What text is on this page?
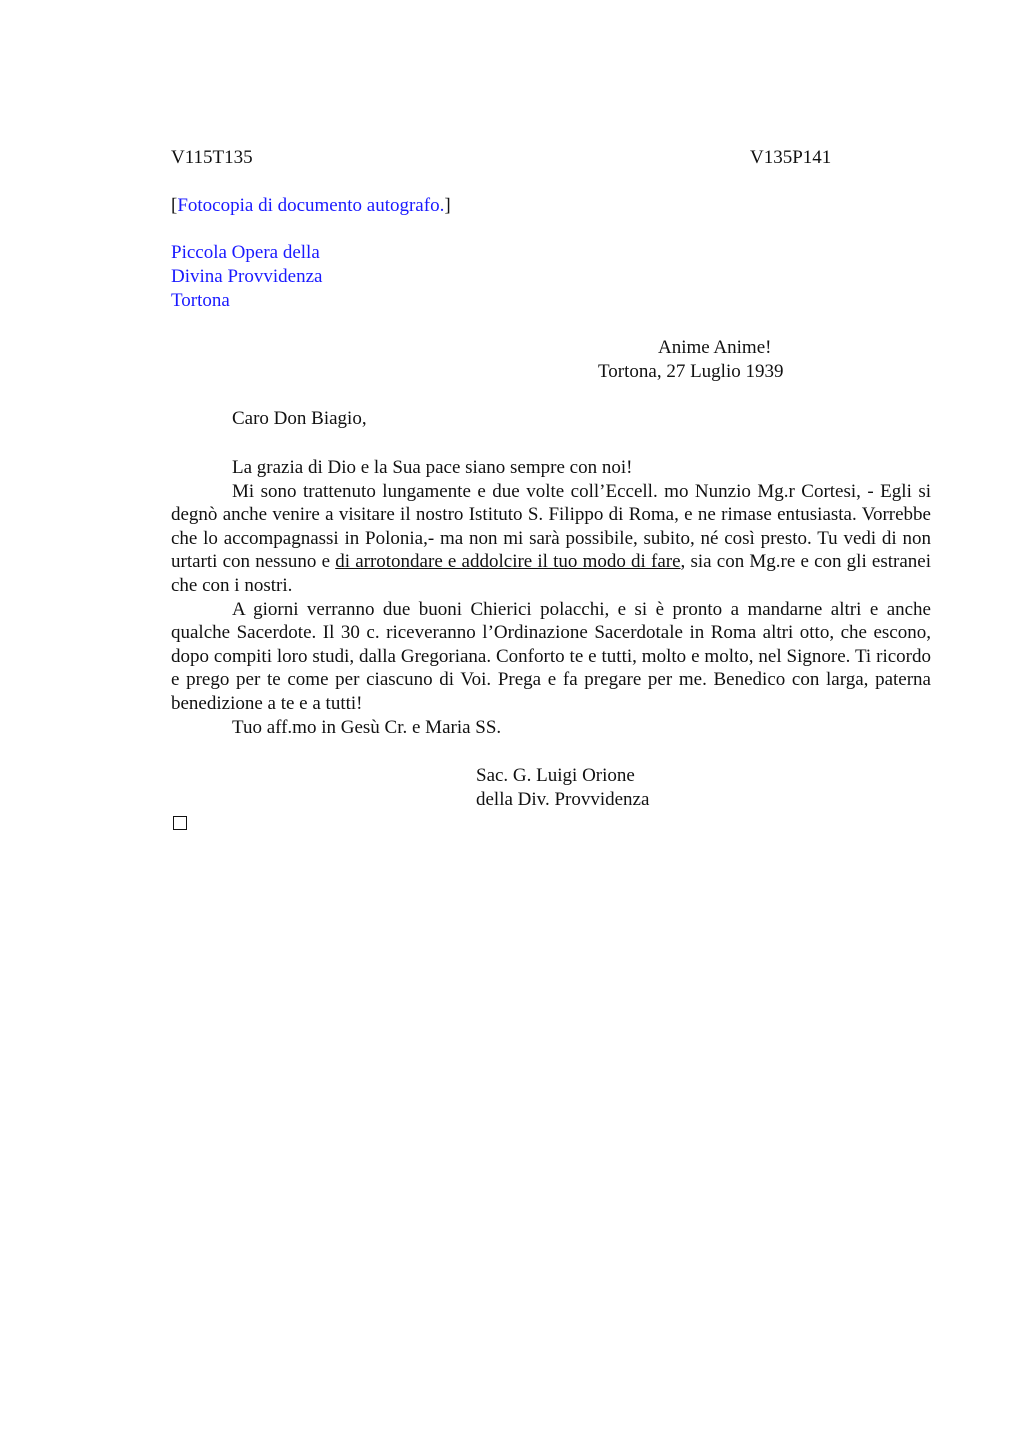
V115T135	V135P141
[Fotocopia di documento autografo.]
Piccola Opera della
Divina Provvidenza
Tortona
Anime Anime!
Tortona, 27 Luglio 1939
Caro Don Biagio,

La grazia di Dio e la Sua pace siano sempre con noi!

Mi sono trattenuto lungamente e due volte coll’Eccell. mo Nunzio Mg.r Cortesi, - Egli si degnò anche venire a visitare il nostro Istituto S. Filippo di Roma, e ne rimase entusiasta. Vorrebbe che lo accompagnassi in Polonia,- ma non mi sarà possibile, subito, né così presto. Tu vedi di non urtarti con nessuno e di arrotondare e addolcire il tuo modo di fare, sia con Mg.re e con gli estranei che con i nostri.

A giorni verranno due buoni Chierici polacchi, e si è pronto a mandarne altri e anche qualche Sacerdote. Il 30 c. riceveranno l’Ordinazione Sacerdotale in Roma altri otto, che escono, dopo compiti loro studi, dalla Gregoriana. Conforto te e tutti, molto e molto, nel Signore. Ti ricordo e prego per te come per ciascuno di Voi. Prega e fa pregare per me. Benedico con larga, paterna benedizione a te e a tutti!

Tuo aff.mo in Gesù Cr. e Maria SS.

Sac. G. Luigi Orione
della Div. Provvidenza
